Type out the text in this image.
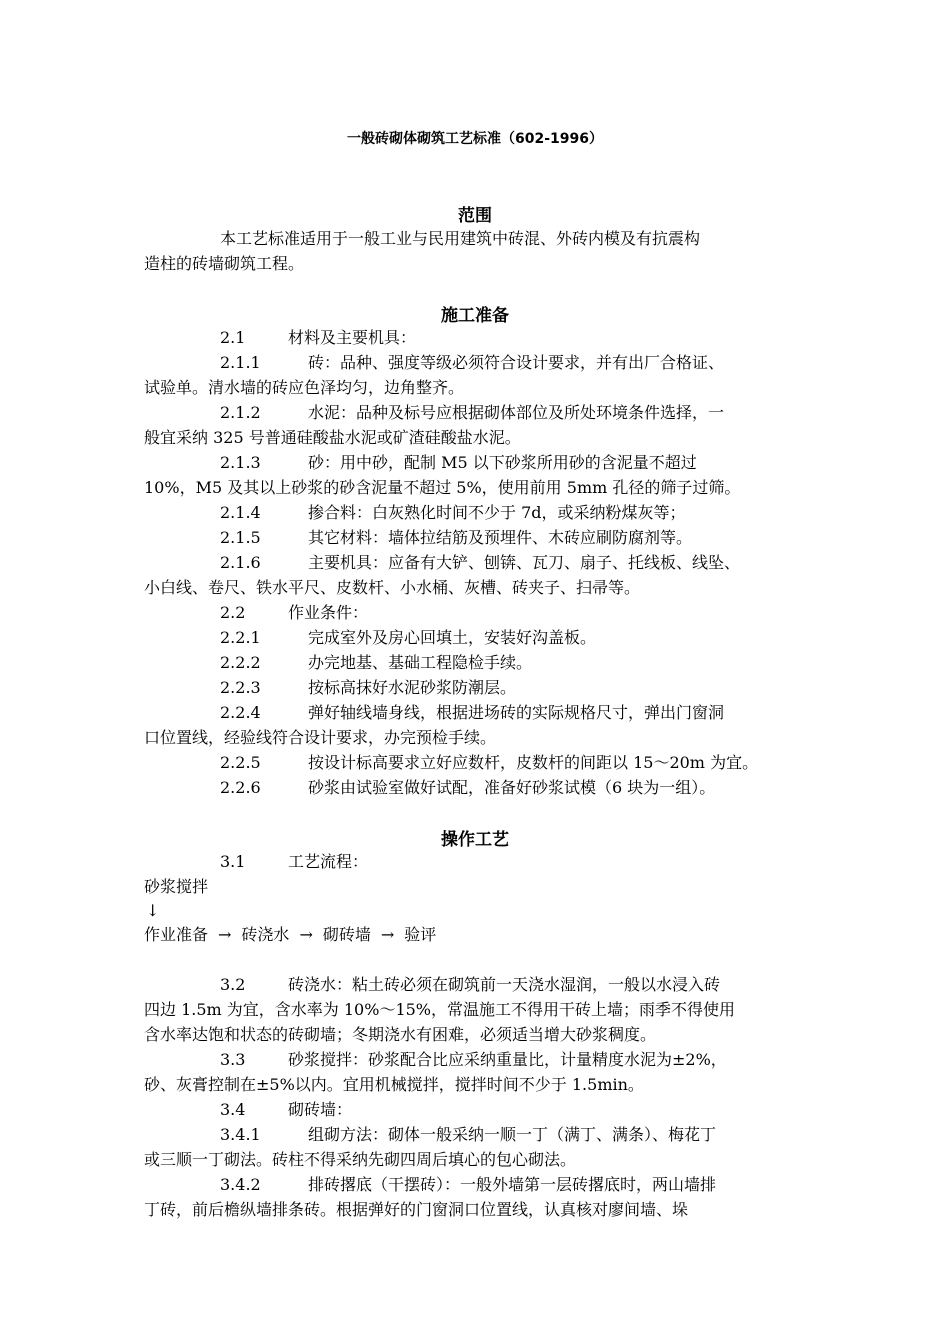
一般砖砌体砌筑工艺标准（602-1996）
范围
本工艺标准适用于一般工业与民用建筑中砖混、外砖内模及有抗震构
造柱的砖墙砌筑工程。
施工准备
2.1	材料及主要机具：
2.1.1	砖：品种、强度等级必须符合设计要求，并有出厂合格证、
试验单。清水墙的砖应色泽均匀，边角整齐。
2.1.2	水泥：品种及标号应根据砌体部位及所处环境条件选择，一
般宜采纳 325 号普通硅酸盐水泥或矿渣硅酸盐水泥。
2.1.3	砂：用中砂，配制 M5 以下砂浆所用砂的含泥量不超过
10%，M5 及其以上砂浆的砂含泥量不超过 5%，使用前用 5mm 孔径的筛子过筛。
2.1.4	掺合料：白灰熟化时间不少于 7d，或采纳粉煤灰等；
2.1.5	其它材料：墙体拉结筋及预埋件、木砖应刷防腐剂等。
2.1.6	主要机具：应备有大铲、刨锛、瓦刀、扇子、托线板、线坠、
小白线、卷尺、铁水平尺、皮数杆、小水桶、灰槽、砖夹子、扫帚等。
2.2	作业条件：
2.2.1	完成室外及房心回填土，安装好沟盖板。
2.2.2	办完地基、基础工程隐检手续。
2.2.3	按标高抹好水泥砂浆防潮层。
2.2.4	弹好轴线墙身线，根据进场砖的实际规格尺寸，弹出门窗洞
口位置线，经验线符合设计要求，办完预检手续。
2.2.5	按设计标高要求立好应数杆，皮数杆的间距以 15～20m 为宜。
2.2.6	砂浆由试验室做好试配，准备好砂浆试模（6 块为一组）。
操作工艺
3.1	工艺流程：
砂浆搅拌
↓
作业准备 → 砖浇水 → 砌砖墙 → 验评
3.2	砖浇水：粘土砖必须在砌筑前一天浇水湿润，一般以水浸入砖
四边 1.5m 为宜，含水率为 10%～15%，常温施工不得用干砖上墙；雨季不得使用
含水率达饱和状态的砖砌墙；冬期浇水有困难，必须适当增大砂浆稠度。
3.3	砂浆搅拌：砂浆配合比应采纳重量比，计量精度水泥为±2%，
砂、灰膏控制在±5%以内。宜用机械搅拌，搅拌时间不少于 1.5min。
3.4	砌砖墙：
3.4.1	组砌方法：砌体一般采纳一顺一丁（满丁、满条）、梅花丁
或三顺一丁砌法。砖柱不得采纳先砌四周后填心的包心砌法。
3.4.2	排砖撂底（干摆砖）：一般外墙第一层砖撂底时，两山墙排
丁砖，前后檐纵墙排条砖。根据弹好的门窗洞口位置线，认真核对廖间墙、垛
